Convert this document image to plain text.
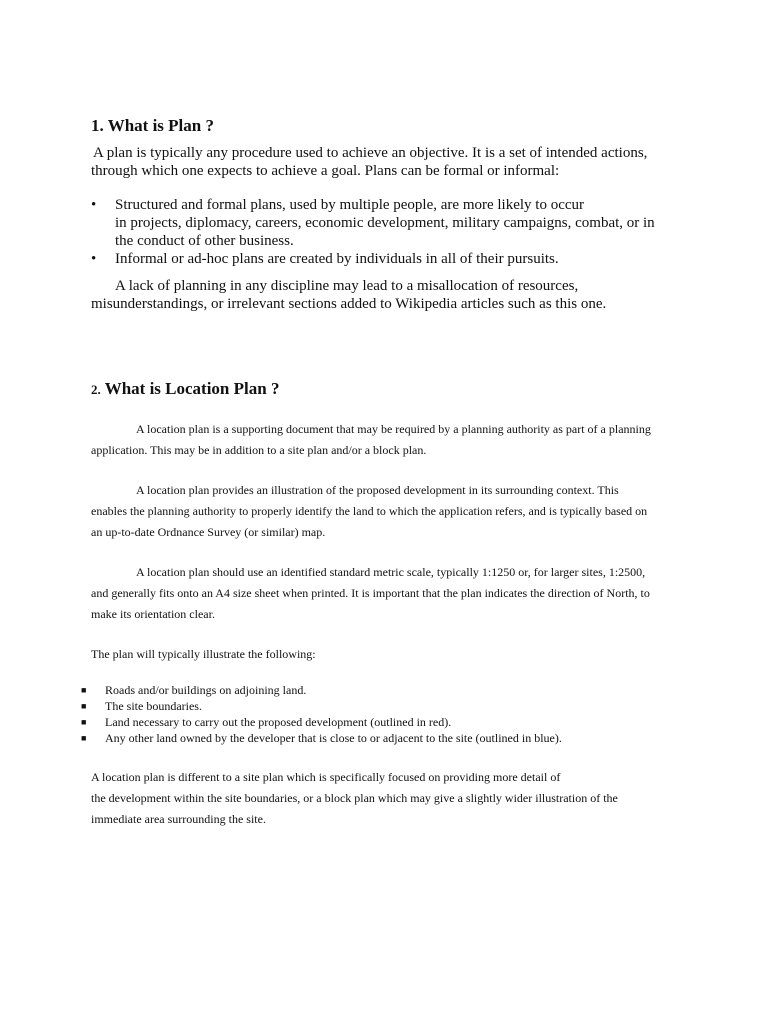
1. What is Plan ?

A plan is typically any procedure used to achieve an objective. It is a set of intended actions,
through which one expects to achieve a goal. Plans can be formal or informal:

• Structured and formal plans, used by multiple people, are more likely to occur
in projects, diplomacy, careers, economic development, military campaigns, combat, or in
the conduct of other business.
• Informal or ad-hoc plans are created by individuals in all of their pursuits.

A lack of planning in any discipline may lead to a misallocation of resources,
misunderstandings, or irrelevant sections added to Wikipedia articles such as this one.

2. What is Location Plan ?

A location plan is a supporting document that may be required by a planning authority as part of a planning
application. This may be in addition to a site plan and/or a block plan.

A location plan provides an illustration of the proposed development in its surrounding context. This
enables the planning authority to properly identify the land to which the application refers, and is typically based on
an up-to-date Ordnance Survey (or similar) map.

A location plan should use an identified standard metric scale, typically 1:1250 or, for larger sites, 1:2500,
and generally fits onto an A4 size sheet when printed. It is important that the plan indicates the direction of North, to
make its orientation clear.

The plan will typically illustrate the following:

■ Roads and/or buildings on adjoining land.
■ The site boundaries.
■ Land necessary to carry out the proposed development (outlined in red).
■ Any other land owned by the developer that is close to or adjacent to the site (outlined in blue).

A location plan is different to a site plan which is specifically focused on providing more detail of
the development within the site boundaries, or a block plan which may give a slightly wider illustration of the
immediate area surrounding the site.
